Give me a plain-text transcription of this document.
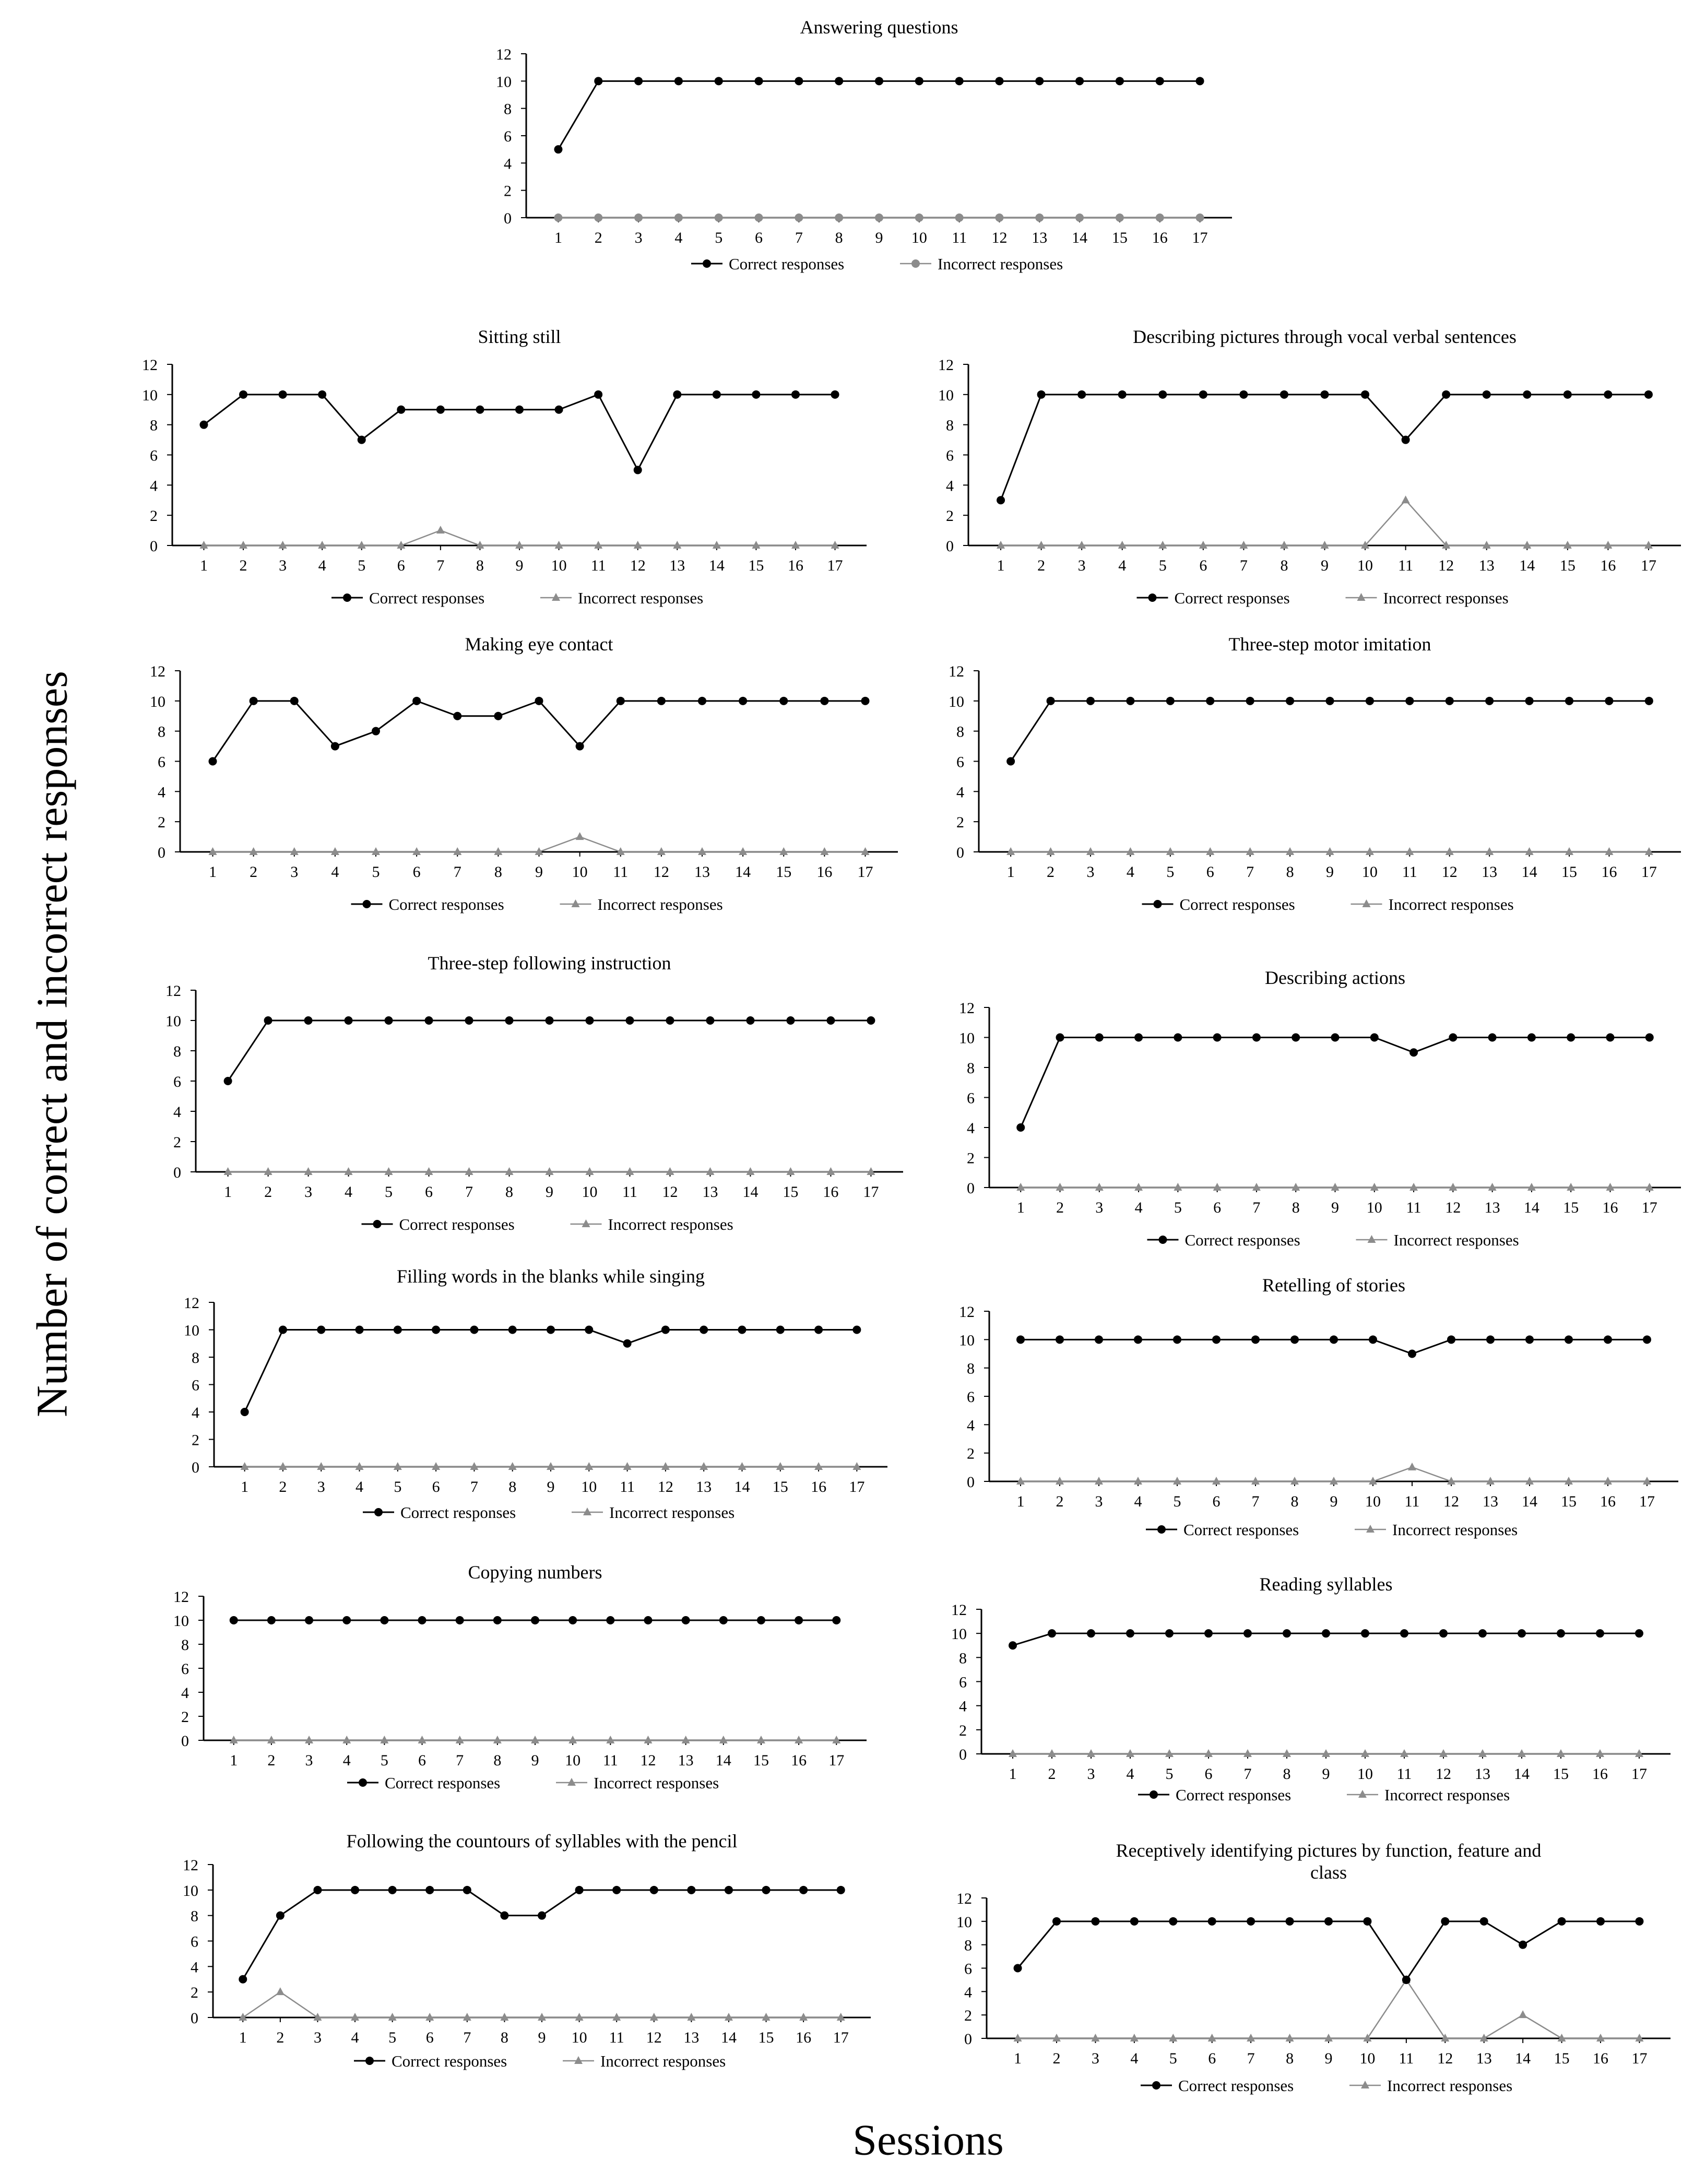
Answering questions
0
2
4
6
8
10
12
1 2 3 4 5 6 7 8 9 10 11 12 13 14 15 16 17
Correct responses	Incorrect responses
Sitting still
0
2
4
6
8
10
12
1 2 3 4 5 6 7 8 9 10 11 12 13 14 15 16 17
Correct responses	Incorrect responses
Describing pictures through vocal verbal sentences
0
2
4
6
8
10
12
1 2 3 4 5 6 7 8 9 10 11 12 13 14 15 16 17
Correct responses	Incorrect responses
Making eye contact
0
2
4
6
8
10
12
1 2 3 4 5 6 7 8 9 10 11 12 13 14 15 16 17
Correct responses	Incorrect responses
Three-step motor imitation
0
2
4
6
8
10
12
1 2 3 4 5 6 7 8 9 10 11 12 13 14 15 16 17
Correct responses	Incorrect responses
Three-step following instruction
0
2
4
6
8
10
12
1 2 3 4 5 6 7 8 9 10 11 12 13 14 15 16 17
Correct responses	Incorrect responses
Describing actions
0
2
4
6
8
10
12
1 2 3 4 5 6 7 8 9 10 11 12 13 14 15 16 17
Correct responses	Incorrect responses
Filling words in the blanks while singing
0
2
4
6
8
10
12
1 2 3 4 5 6 7 8 9 10 11 12 13 14 15 16 17
Correct responses	Incorrect responses
Retelling of stories
0
2
4
6
8
10
12
1 2 3 4 5 6 7 8 9 10 11 12 13 14 15 16 17
Correct responses	Incorrect responses
Copying numbers
0
2
4
6
8
10
12
1 2 3 4 5 6 7 8 9 10 11 12 13 14 15 16 17
Correct responses	Incorrect responses
Reading syllables
0
2
4
6
8
10
12
1 2 3 4 5 6 7 8 9 10 11 12 13 14 15 16 17
Correct responses	Incorrect responses
Following the countours of syllables with the pencil
0
2
4
6
8
10
12
1 2 3 4 5 6 7 8 9 10 11 12 13 14 15 16 17
Correct responses	Incorrect responses
Receptively identifying pictures by function, feature and
class
0
2
4
6
8
10
12
1 2 3 4 5 6 7 8 9 10 11 12 13 14 15 16 17
Correct responses	Incorrect responses
Number of correct and incorrect responses
Sessions
